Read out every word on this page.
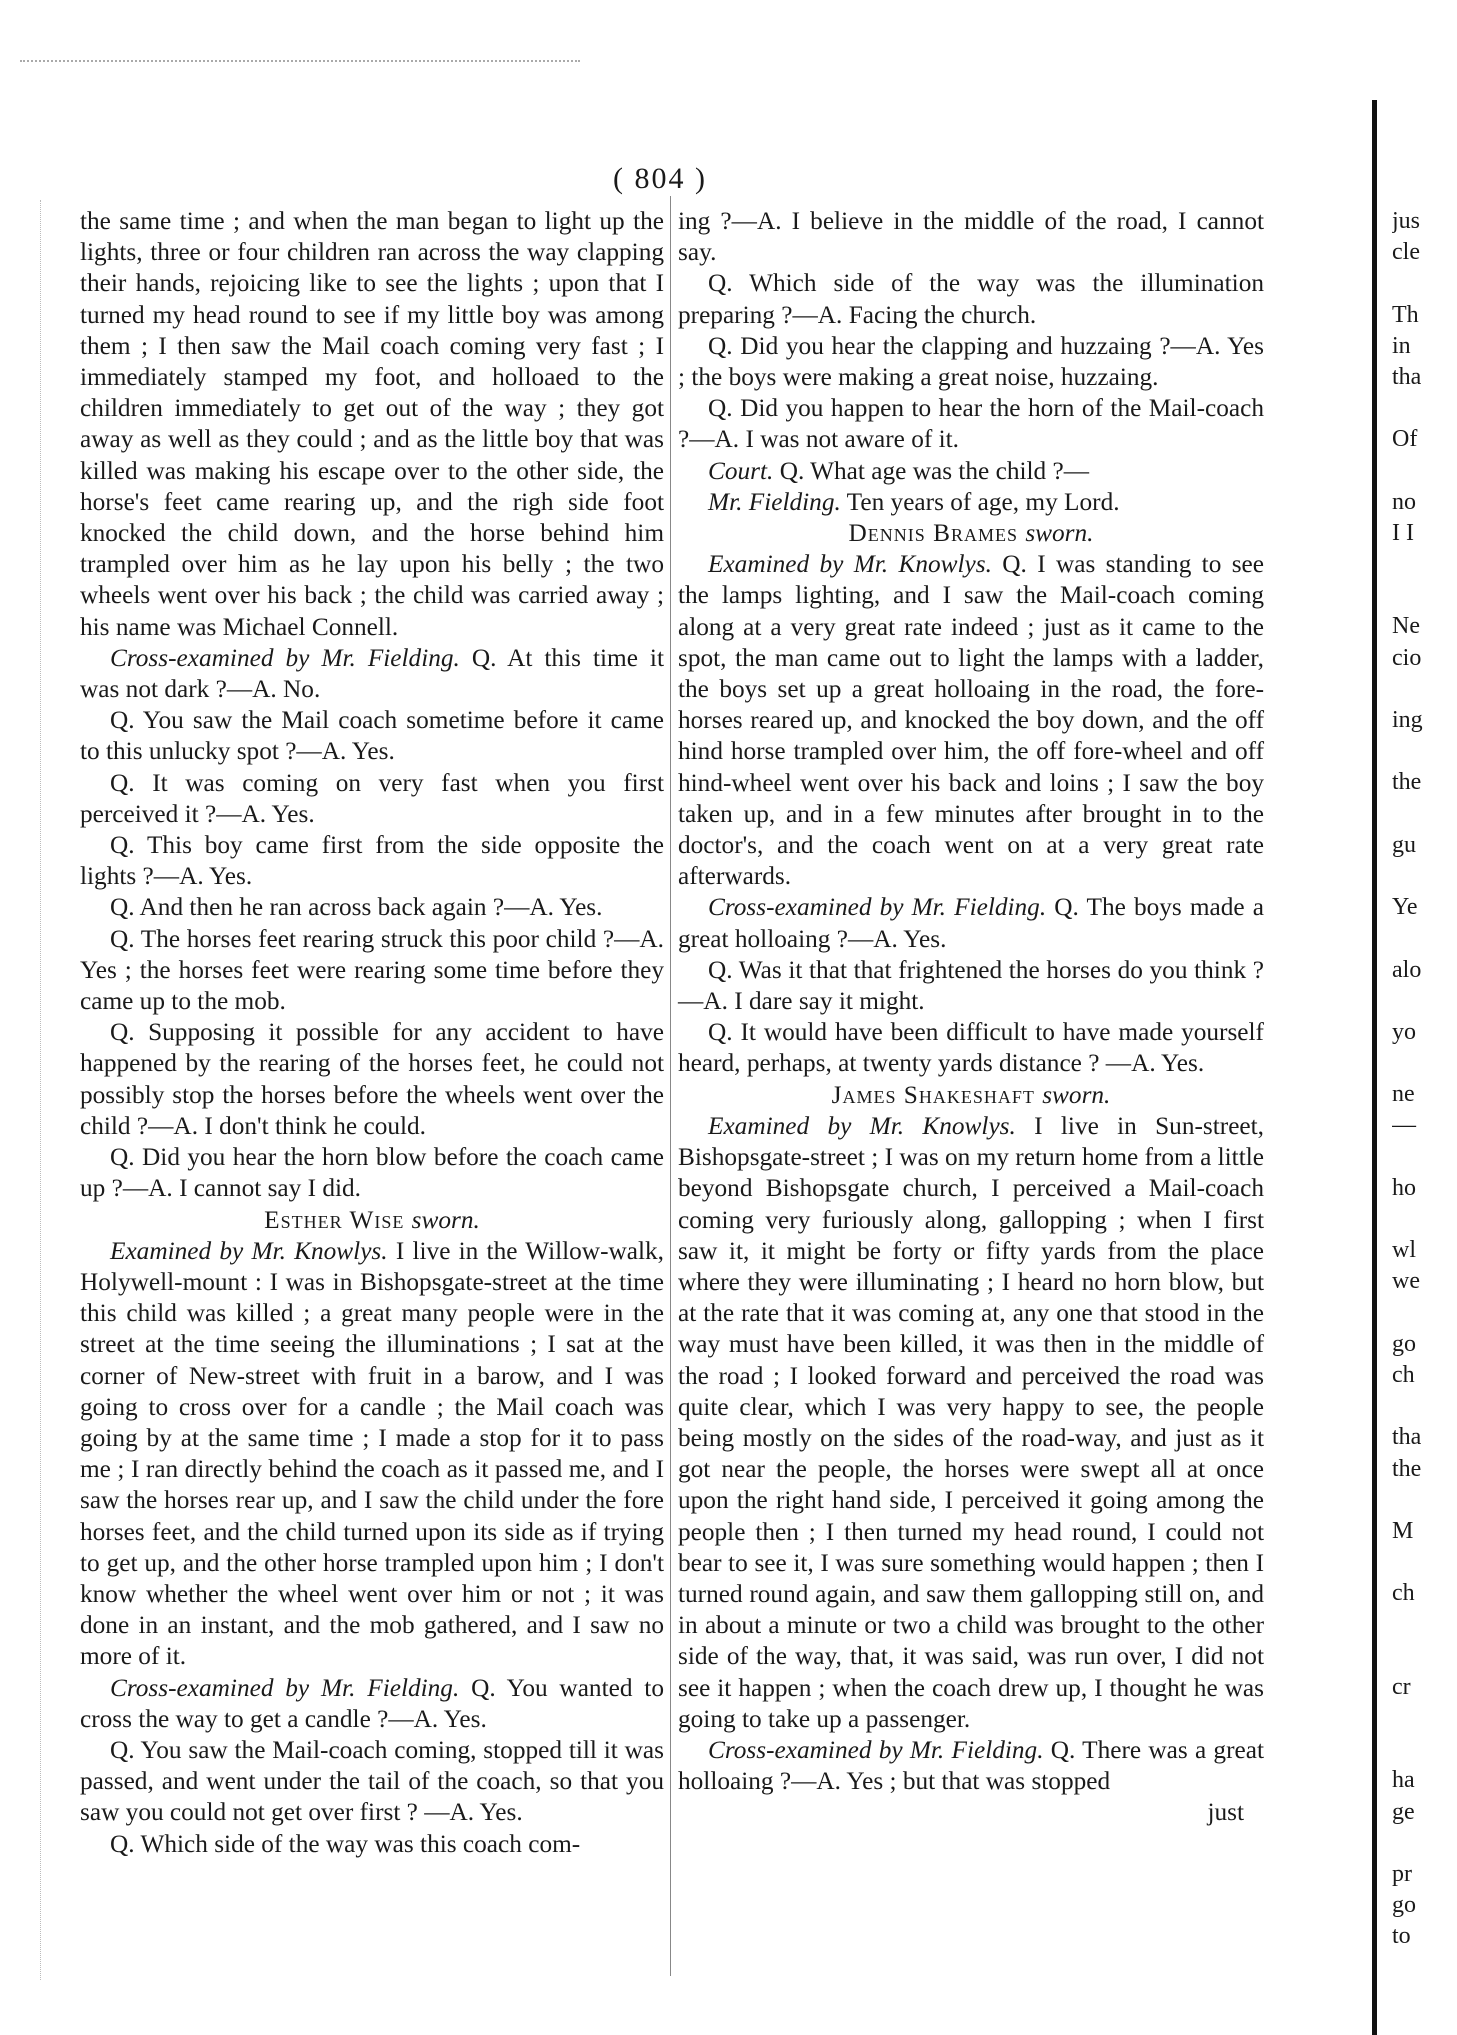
( 804 )

the same time ; and when the man began to light up the lights, three or four children ran across the way clapping their hands, rejoicing like to see the lights ; upon that I turned my head round to see if my little boy was among them ; I then saw the Mail coach coming very fast ; I immediately stamped my foot, and holloaed to the children immediately to get out of the way ; they got away as well as they could ; and as the little boy that was killed was making his escape over to the other side, the horse's feet came rearing up, and the righ side foot knocked the child down, and the horse behind him trampled over him as he lay upon his belly ; the two wheels went over his back ; the child was carried away ; his name was Michael Connell.

Cross-examined by Mr. Fielding. Q. At this time it was not dark ?—A. No.

Q. You saw the Mail coach sometime before it came to this unlucky spot ?—A. Yes.

Q. It was coming on very fast when you first perceived it ?—A. Yes.

Q. This boy came first from the side opposite the lights ?—A. Yes.

Q. And then he ran across back again ?—A. Yes.

Q. The horses feet rearing struck this poor child ?—A. Yes ; the horses feet were rearing some time before they came up to the mob.

Q. Supposing it possible for any accident to have happened by the rearing of the horses feet, he could not possibly stop the horses before the wheels went over the child ?—A. I don't think he could.

Q. Did you hear the horn blow before the coach came up ?—A. I cannot say I did.

Esther Wise sworn.

Examined by Mr. Knowlys. I live in the Willow-walk, Holywell-mount : I was in Bishopsgate-street at the time this child was killed ; a great many people were in the street at the time seeing the illuminations ; I sat at the corner of New-street with fruit in a barow, and I was going to cross over for a candle ; the Mail coach was going by at the same time ; I made a stop for it to pass me ; I ran directly behind the coach as it passed me, and I saw the horses rear up, and I saw the child under the fore horses feet, and the child turned upon its side as if trying to get up, and the other horse trampled upon him ; I don't know whether the wheel went over him or not ; it was done in an instant, and the mob gathered, and I saw no more of it.

Cross-examined by Mr. Fielding. Q. You wanted to cross the way to get a candle ?—A. Yes.

Q. You saw the Mail-coach coming, stopped till it was passed, and went under the tail of the coach, so that you saw you could not get over first ? —A. Yes.

Q. Which side of the way was this coach com-

ing ?—A. I believe in the middle of the road, I cannot say.

Q. Which side of the way was the illumination preparing ?—A. Facing the church.

Q. Did you hear the clapping and huzzaing ?—A. Yes ; the boys were making a great noise, huzzaing.

Q. Did you happen to hear the horn of the Mail-coach ?—A. I was not aware of it.

Court. Q. What age was the child ?—

Mr. Fielding. Ten years of age, my Lord.

Dennis Brames sworn.

Examined by Mr. Knowlys. Q. I was standing to see the lamps lighting, and I saw the Mail-coach coming along at a very great rate indeed ; just as it came to the spot, the man came out to light the lamps with a ladder, the boys set up a great holloaing in the road, the fore-horses reared up, and knocked the boy down, and the off hind horse trampled over him, the off fore-wheel and off hind-wheel went over his back and loins ; I saw the boy taken up, and in a few minutes after brought in to the doctor's, and the coach went on at a very great rate afterwards.

Cross-examined by Mr. Fielding. Q. The boys made a great holloaing ?—A. Yes.

Q. Was it that that frightened the horses do you think ?—A. I dare say it might.

Q. It would have been difficult to have made yourself heard, perhaps, at twenty yards distance ? —A. Yes.

James Shakeshaft sworn.

Examined by Mr. Knowlys. I live in Sun-street, Bishopsgate-street ; I was on my return home from a little beyond Bishopsgate church, I perceived a Mail-coach coming very furiously along, gallopping ; when I first saw it, it might be forty or fifty yards from the place where they were illuminating ; I heard no horn blow, but at the rate that it was coming at, any one that stood in the way must have been killed, it was then in the middle of the road ; I looked forward and perceived the road was quite clear, which I was very happy to see, the people being mostly on the sides of the road-way, and just as it got near the people, the horses were swept all at once upon the right hand side, I perceived it going among the people then ; I then turned my head round, I could not bear to see it, I was sure something would happen ; then I turned round again, and saw them gallopping still on, and in about a minute or two a child was brought to the other side of the way, that, it was said, was run over, I did not see it happen ; when the coach drew up, I thought he was going to take up a passenger.

Cross-examined by Mr. Fielding. Q. There was a great holloaing ?—A. Yes ; but that was stopped

just

jus
cle
Th
in
tha
Of
no
I I
Ne
cio
ing
the
gu
Ye
alo
yo
ne
—
ho
wl
we
go
ch
tha
the
M
ch
cr
ha
ge
pr
go
to
